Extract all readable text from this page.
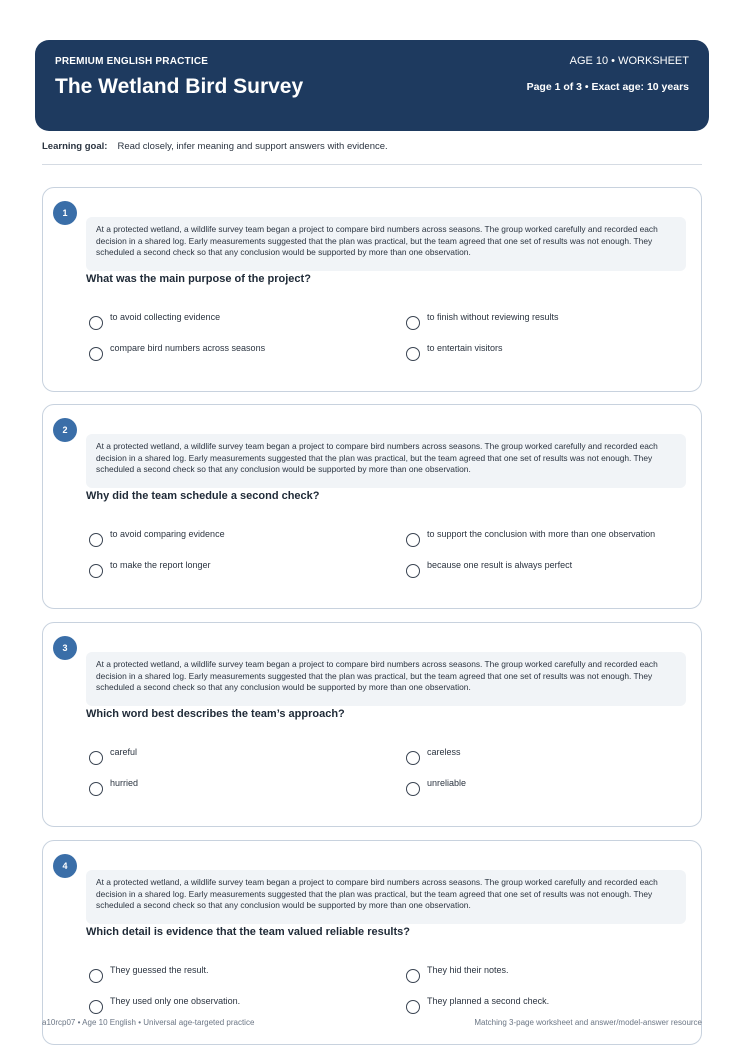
PREMIUM ENGLISH PRACTICE
The Wetland Bird Survey
AGE 10 • WORKSHEET
Page 1 of 3 • Exact age: 10 years
Learning goal: Read closely, infer meaning and support answers with evidence.
1
At a protected wetland, a wildlife survey team began a project to compare bird numbers across seasons. The group worked carefully and recorded each decision in a shared log. Early measurements suggested that the plan was practical, but the team agreed that one set of results was not enough. They scheduled a second check so that any conclusion would be supported by more than one observation.
What was the main purpose of the project?
to avoid collecting evidence	to finish without reviewing results
compare bird numbers across seasons	to entertain visitors
2
At a protected wetland, a wildlife survey team began a project to compare bird numbers across seasons. The group worked carefully and recorded each decision in a shared log. Early measurements suggested that the plan was practical, but the team agreed that one set of results was not enough. They scheduled a second check so that any conclusion would be supported by more than one observation.
Why did the team schedule a second check?
to avoid comparing evidence	to support the conclusion with more than one observation
to make the report longer	because one result is always perfect
3
At a protected wetland, a wildlife survey team began a project to compare bird numbers across seasons. The group worked carefully and recorded each decision in a shared log. Early measurements suggested that the plan was practical, but the team agreed that one set of results was not enough. They scheduled a second check so that any conclusion would be supported by more than one observation.
Which word best describes the team’s approach?
careful	careless
hurried	unreliable
4
At a protected wetland, a wildlife survey team began a project to compare bird numbers across seasons. The group worked carefully and recorded each decision in a shared log. Early measurements suggested that the plan was practical, but the team agreed that one set of results was not enough. They scheduled a second check so that any conclusion would be supported by more than one observation.
Which detail is evidence that the team valued reliable results?
They guessed the result.	They hid their notes.
They used only one observation.	They planned a second check.
a10rcp07 • Age 10 English • Universal age-targeted practice	Matching 3-page worksheet and answer/model-answer resource
